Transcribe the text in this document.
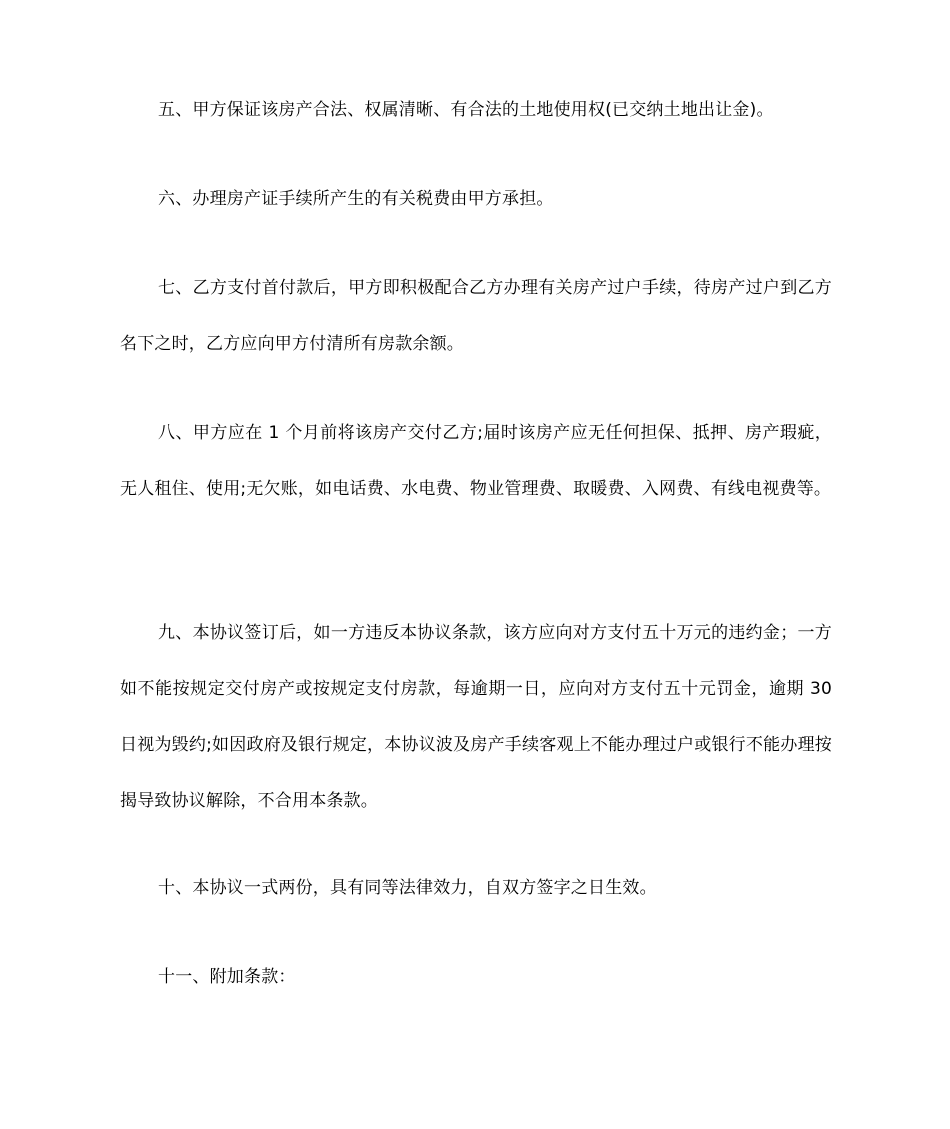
五、甲方保证该房产合法、权属清晰、有合法的土地使用权(已交纳土地出让金)。

六、办理房产证手续所产生的有关税费由甲方承担。

七、乙方支付首付款后，甲方即积极配合乙方办理有关房产过户手续，待房产过户到乙方名下之时，乙方应向甲方付清所有房款余额。

八、甲方应在 1 个月前将该房产交付乙方;届时该房产应无任何担保、抵押、房产瑕疵，无人租住、使用;无欠账，如电话费、水电费、物业管理费、取暖费、入网费、有线电视费等。

九、本协议签订后，如一方违反本协议条款，该方应向对方支付五十万元的违约金；一方如不能按规定交付房产或按规定支付房款，每逾期一日，应向对方支付五十元罚金，逾期 30 日视为毁约;如因政府及银行规定，本协议波及房产手续客观上不能办理过户或银行不能办理按揭导致协议解除，不合用本条款。

十、本协议一式两份，具有同等法律效力，自双方签字之日生效。

十一、附加条款：
